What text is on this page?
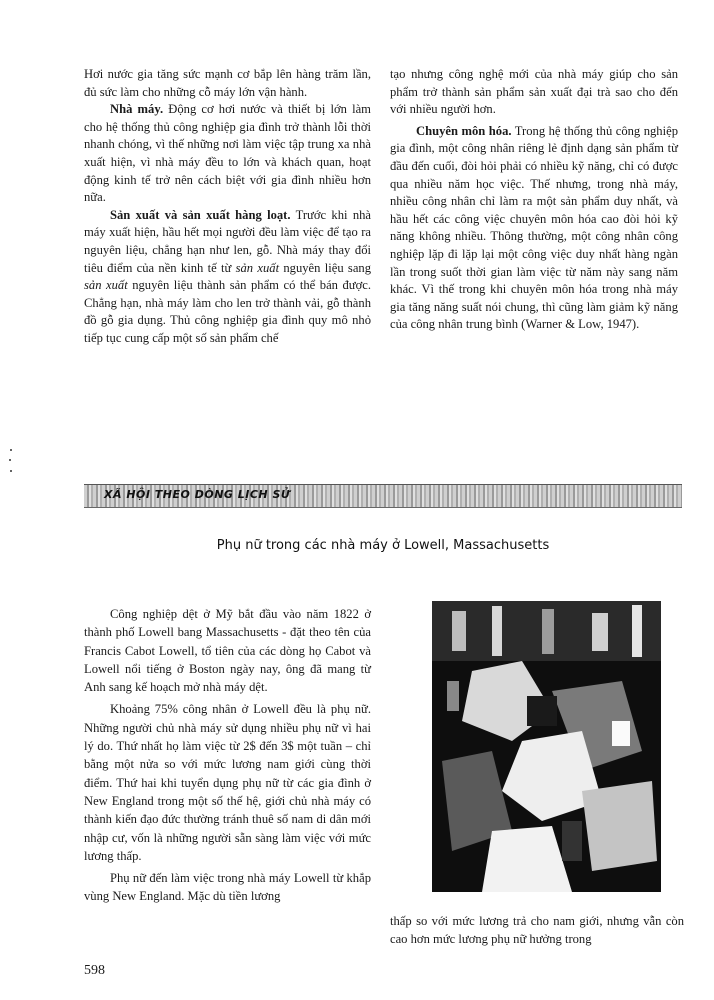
Hơi nước gia tăng sức mạnh cơ bắp lên hàng trăm lần, đủ sức làm cho những cỗ máy lớn vận hành.

Nhà máy. Động cơ hơi nước và thiết bị lớn làm cho hệ thống thủ công nghiệp gia đình trở thành lỗi thời nhanh chóng, vì thế những nơi làm việc tập trung xa nhà xuất hiện, vì nhà máy đều to lớn và khách quan, hoạt động kinh tế trở nên cách biệt với gia đình nhiều hơn nữa.

Sản xuất và sản xuất hàng loạt. Trước khi nhà máy xuất hiện, hầu hết mọi người đều làm việc để tạo ra nguyên liệu, chẳng hạn như len, gỗ. Nhà máy thay đổi tiêu điểm của nền kinh tế từ sản xuất nguyên liệu sang sản xuất nguyên liệu thành sản phẩm có thể bán được. Chẳng hạn, nhà máy làm cho len trở thành vải, gỗ thành đồ gỗ gia dụng. Thủ công nghiệp gia đình quy mô nhỏ tiếp tục cung cấp một số sản phẩm chế

tạo nhưng công nghệ mới của nhà máy giúp cho sản phẩm trở thành sản phẩm sản xuất đại trà sao cho đến với nhiều người hơn.

Chuyên môn hóa. Trong hệ thống thủ công nghiệp gia đình, một công nhân riêng lẻ định dạng sản phẩm từ đầu đến cuối, đòi hỏi phải có nhiều kỹ năng, chỉ có được qua nhiều năm học việc. Thế nhưng, trong nhà máy, nhiều công nhân chỉ làm ra một sản phẩm duy nhất, và hầu hết các công việc chuyên môn hóa cao đòi hỏi kỹ năng không nhiều. Thông thường, một công nhân công nghiệp lặp đi lặp lại một công việc duy nhất hàng ngàn lần trong suốt thời gian làm việc từ năm này sang năm khác. Vì thế trong khi chuyên môn hóa trong nhà máy gia tăng năng suất nói chung, thì cũng làm giảm kỹ năng của công nhân trung bình (Warner & Low, 1947).

XÃ HỘI THEO DÒNG LỊCH SỬ
Phụ nữ trong các nhà máy ở Lowell, Massachusetts

Công nghiệp dệt ở Mỹ bắt đầu vào năm 1822 ở thành phố Lowell bang Massachusetts - đặt theo tên của Francis Cabot Lowell, tổ tiên của các dòng họ Cabot và Lowell nổi tiếng ở Boston ngày nay, ông đã mang từ Anh sang kế hoạch mở nhà máy dệt.

Khoảng 75% công nhân ở Lowell đều là phụ nữ. Những người chủ nhà máy sử dụng nhiều phụ nữ vì hai lý do. Thứ nhất họ làm việc từ 2$ đến 3$ một tuần – chỉ bằng một nửa so với mức lương nam giới cùng thời điểm. Thứ hai khi tuyển dụng phụ nữ từ các gia đình ở New England trong một số thế hệ, giới chủ nhà máy có thành kiến đạo đức thường tránh thuê số nam di dân mới nhập cư, vốn là những người sẵn sàng làm việc với mức lương thấp.

Phụ nữ đến làm việc trong nhà máy Lowell từ khắp vùng New England. Mặc dù tiền lương

thấp so với mức lương trả cho nam giới, nhưng vẫn còn cao hơn mức lương phụ nữ hưởng trong

598
